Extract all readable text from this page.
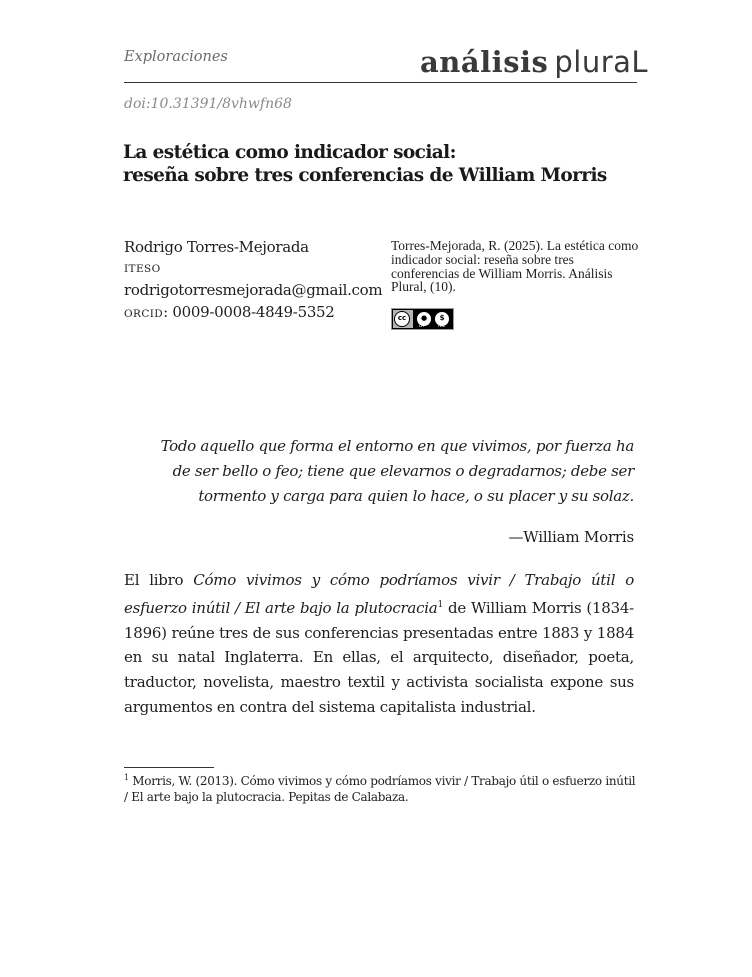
Exploraciones	análisis pluraL
doi:10.31391/8vhwfn68
La estética como indicador social:
reseña sobre tres conferencias de William Morris
Rodrigo Torres-Mejorada
ITESO
rodrigotorresmejorada@gmail.com
ORCID: 0009-0008-4849-5352
Torres-Mejorada, R. (2025). La estética como indicador social: reseña sobre tres conferencias de William Morris. Análisis Plural, (10).
cc	●	$
BY	NC
Todo aquello que forma el entorno en que vivimos, por fuerza ha de ser bello o feo; tiene que elevarnos o degradarnos; debe ser tormento y carga para quien lo hace, o su placer y su solaz.
—William Morris

El libro Cómo vivimos y cómo podríamos vivir / Trabajo útil o esfuerzo inútil / El arte bajo la plutocracia$^1$ de William Morris (1834-1896) reúne tres de sus conferencias presentadas entre 1883 y 1884 en su natal Inglaterra. En ellas, el arquitecto, diseñador, poeta, traductor, novelista, maestro textil y activista socialista expone sus argumentos en contra del sistema capitalista industrial.

$^1$ Morris, W. (2013). Cómo vivimos y cómo podríamos vivir / Trabajo útil o esfuerzo inútil / El arte bajo la plutocracia. Pepitas de Calabaza.
